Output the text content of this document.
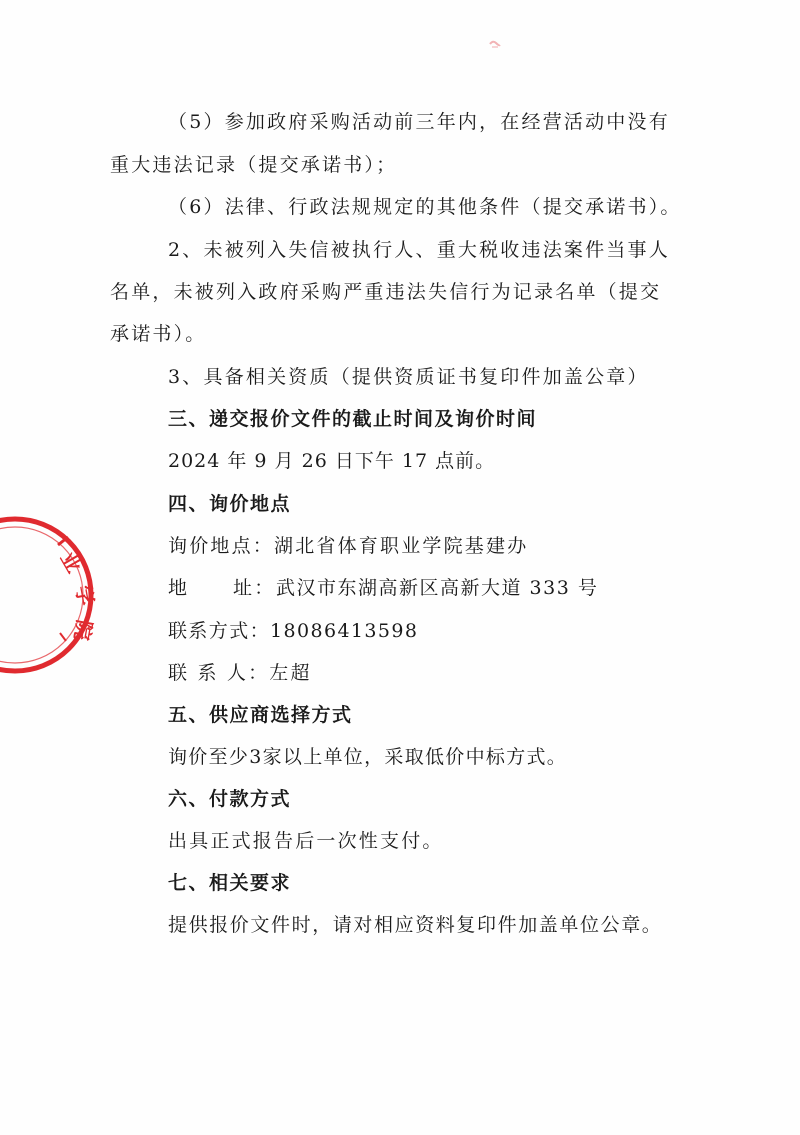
（5）参加政府采购活动前三年内，在经营活动中没有
重大违法记录（提交承诺书）；
（6）法律、行政法规规定的其他条件（提交承诺书）。
2、未被列入失信被执行人、重大税收违法案件当事人
名单，未被列入政府采购严重违法失信行为记录名单（提交
承诺书）。
3、具备相关资质（提供资质证书复印件加盖公章）
三、递交报价文件的截止时间及询价时间
2024 年 9 月 26 日下午 17 点前。
四、询价地点
询价地点：湖北省体育职业学院基建办
地 址： 武汉市东湖高新区高新大道 333 号
联系方式：18086413598
联 系 人：左超
五、供应商选择方式
询价至少3家以上单位，采取低价中标方式。
六、付款方式
出具正式报告后一次性支付。
七、相关要求
提供报价文件时，请对相应资料复印件加盖单位公章。
业
学
院
